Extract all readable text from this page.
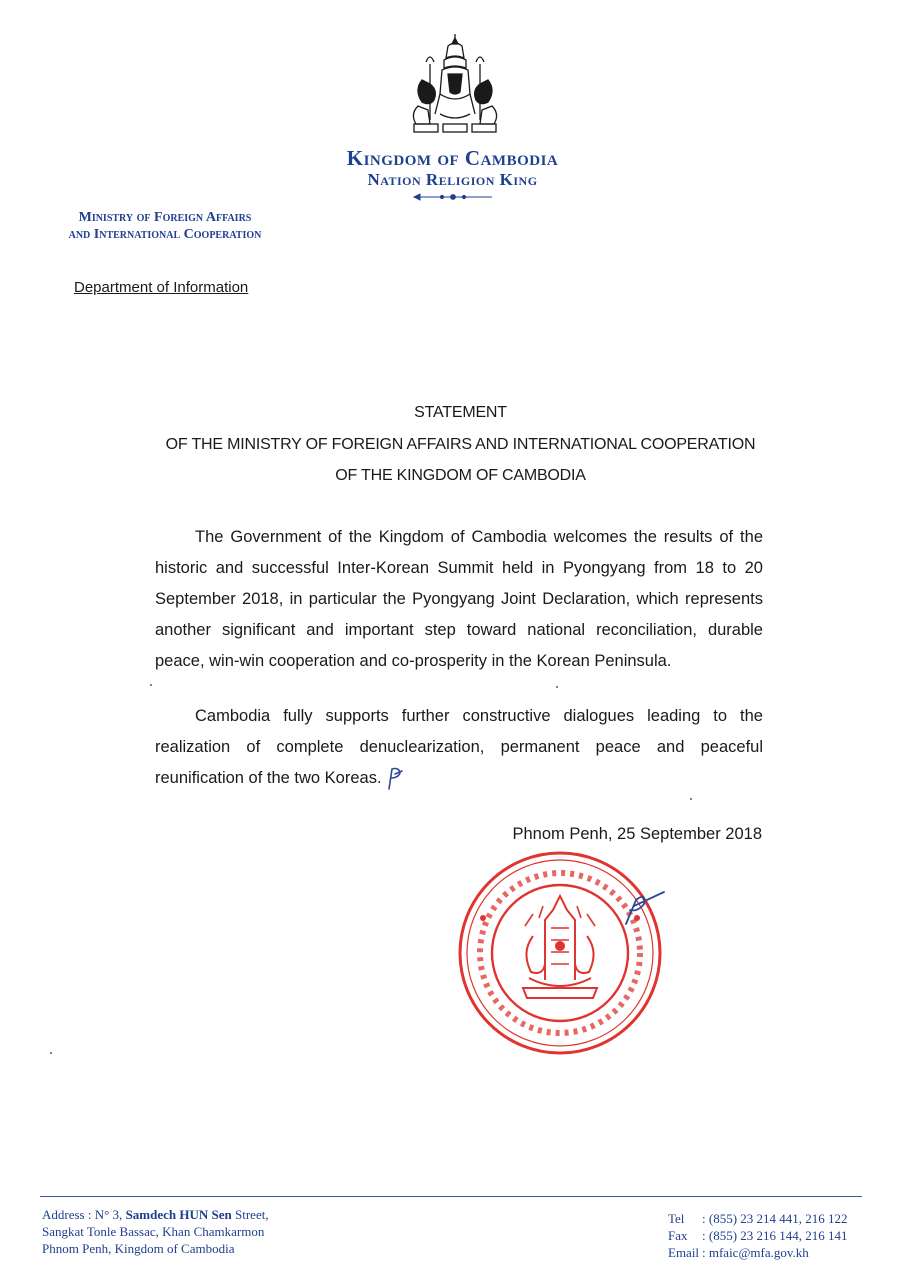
Kingdom of Cambodia
Nation Religion King
Ministry of Foreign Affairs
and International Cooperation
Department of Information
STATEMENT
OF THE MINISTRY OF FOREIGN AFFAIRS AND INTERNATIONAL COOPERATION
OF THE KINGDOM OF CAMBODIA
The Government of the Kingdom of Cambodia welcomes the results of the historic and successful Inter-Korean Summit held in Pyongyang from 18 to 20 September 2018, in particular the Pyongyang Joint Declaration, which represents another significant and important step toward national reconciliation, durable peace, win-win cooperation and co-prosperity in the Korean Peninsula.
Cambodia fully supports further constructive dialogues leading to the realization of complete denuclearization, permanent peace and peaceful reunification of the two Koreas.
Phnom Penh, 25 September 2018
Address : N° 3, Samdech HUN Sen Street,
Sangkat Tonle Bassac, Khan Chamkarmon
Phnom Penh, Kingdom of Cambodia
Tel	: (855) 23 214 441, 216 122
Fax	: (855) 23 216 144, 216 141
Email : mfaic@mfa.gov.kh
